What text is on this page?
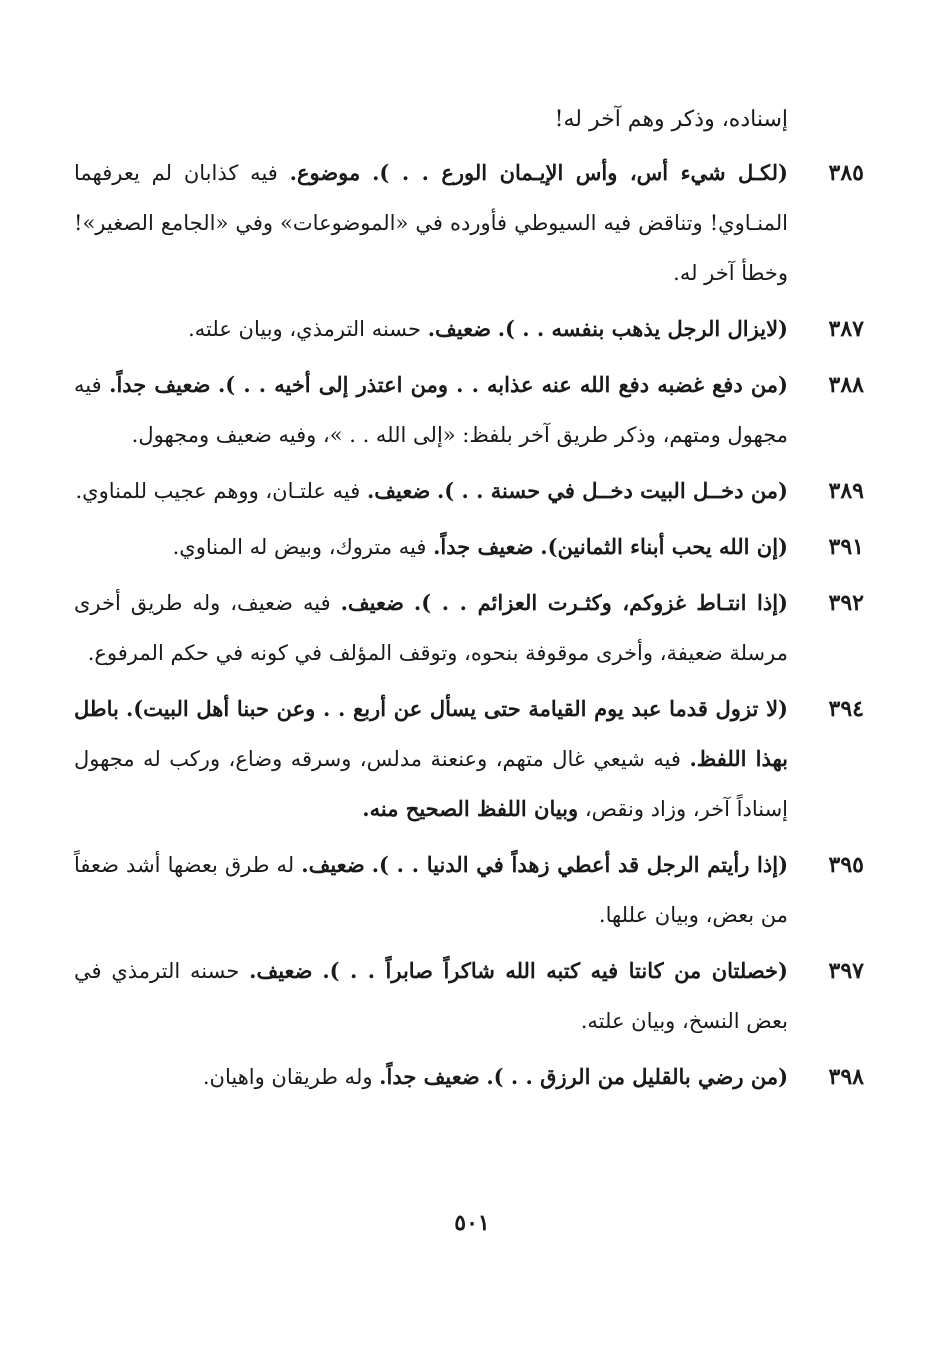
إسناده، وذكر وهم آخر له!
٣٨٥
(لكـل شيء أس، وأس الإيـمان الورع . . ). موضوع. فيه كذابان لم يعرفهما المنـاوي! وتناقض فيه السيوطي فأورده في «الموضوعات» وفي «الجامع الصغير»! وخطأ آخر له.
٣٨٧
(لايزال الرجل يذهب بنفسه . . ). ضعيف. حسنه الترمذي، وبيان علته.
٣٨٨
(من دفع غضبه دفع الله عنه عذابه . . ومن اعتذر إلى أخيه . . ). ضعيف جداً. فيه مجهول ومتهم، وذكر طريق آخر بلفظ: «إلى الله . . »، وفيه ضعيف ومجهول.
٣٨٩
(من دخــل البيت دخــل في حسنة . . ). ضعيف. فيه علتـان، ووهم عجيب للمناوي.
٣٩١
(إن الله يحب أبناء الثمانين). ضعيف جداً. فيه متروك، وبيض له المناوي.
٣٩٢
(إذا انتـاط غزوكم، وكثـرت العزائم . . ). ضعيف. فيه ضعيف، وله طريق أخرى مرسلة ضعيفة، وأخرى موقوفة بنحوه، وتوقف المؤلف في كونه في حكم المرفوع.
٣٩٤
(لا تزول قدما عبد يوم القيامة حتى يسأل عن أربع . . وعن حبنا أهل البيت). باطل بهذا اللفظ. فيه شيعي غال متهم، وعنعنة مدلس، وسرقه وضاع، وركب له مجهول إسناداً آخر، وزاد ونقص، وبيان اللفظ الصحيح منه.
٣٩٥
(إذا رأيتم الرجل قد أعطي زهداً في الدنيا . . ). ضعيف. له طرق بعضها أشد ضعفاً من بعض، وبيان عللها.
٣٩٧
(خصلتان من كانتا فيه كتبه الله شاكراً صابراً . . ). ضعيف. حسنه الترمذي في بعض النسخ، وبيان علته.
٣٩٨
(من رضي بالقليل من الرزق . . ). ضعيف جداً. وله طريقان واهيان.
٥٠١
